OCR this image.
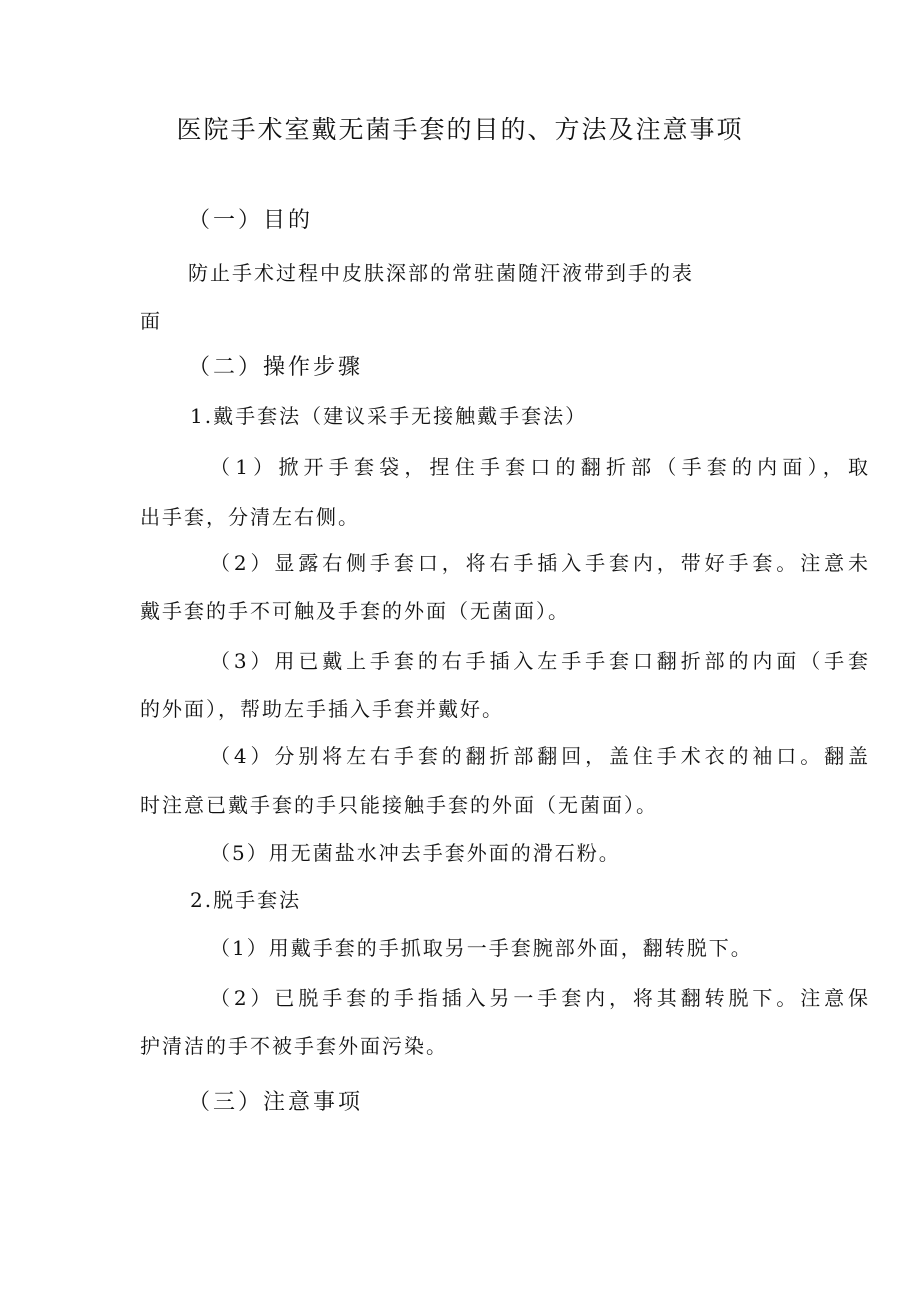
医院手术室戴无菌手套的目的、方法及注意事项
（一）目的
防止手术过程中皮肤深部的常驻菌随汗液带到手的表
面
（二）操作步骤
1.戴手套法（建议采手无接触戴手套法）
（1）掀开手套袋，捏住手套口的翻折部（手套的内面），取
出手套，分清左右侧。
（2）显露右侧手套口，将右手插入手套内，带好手套。注意未
戴手套的手不可触及手套的外面（无菌面）。
（3）用已戴上手套的右手插入左手手套口翻折部的内面（手套
的外面），帮助左手插入手套并戴好。
（4）分别将左右手套的翻折部翻回，盖住手术衣的袖口。翻盖
时注意已戴手套的手只能接触手套的外面（无菌面）。
（5）用无菌盐水冲去手套外面的滑石粉。
2.脱手套法
（1）用戴手套的手抓取另一手套腕部外面，翻转脱下。
（2）已脱手套的手指插入另一手套内，将其翻转脱下。注意保
护清洁的手不被手套外面污染。
（三）注意事项
